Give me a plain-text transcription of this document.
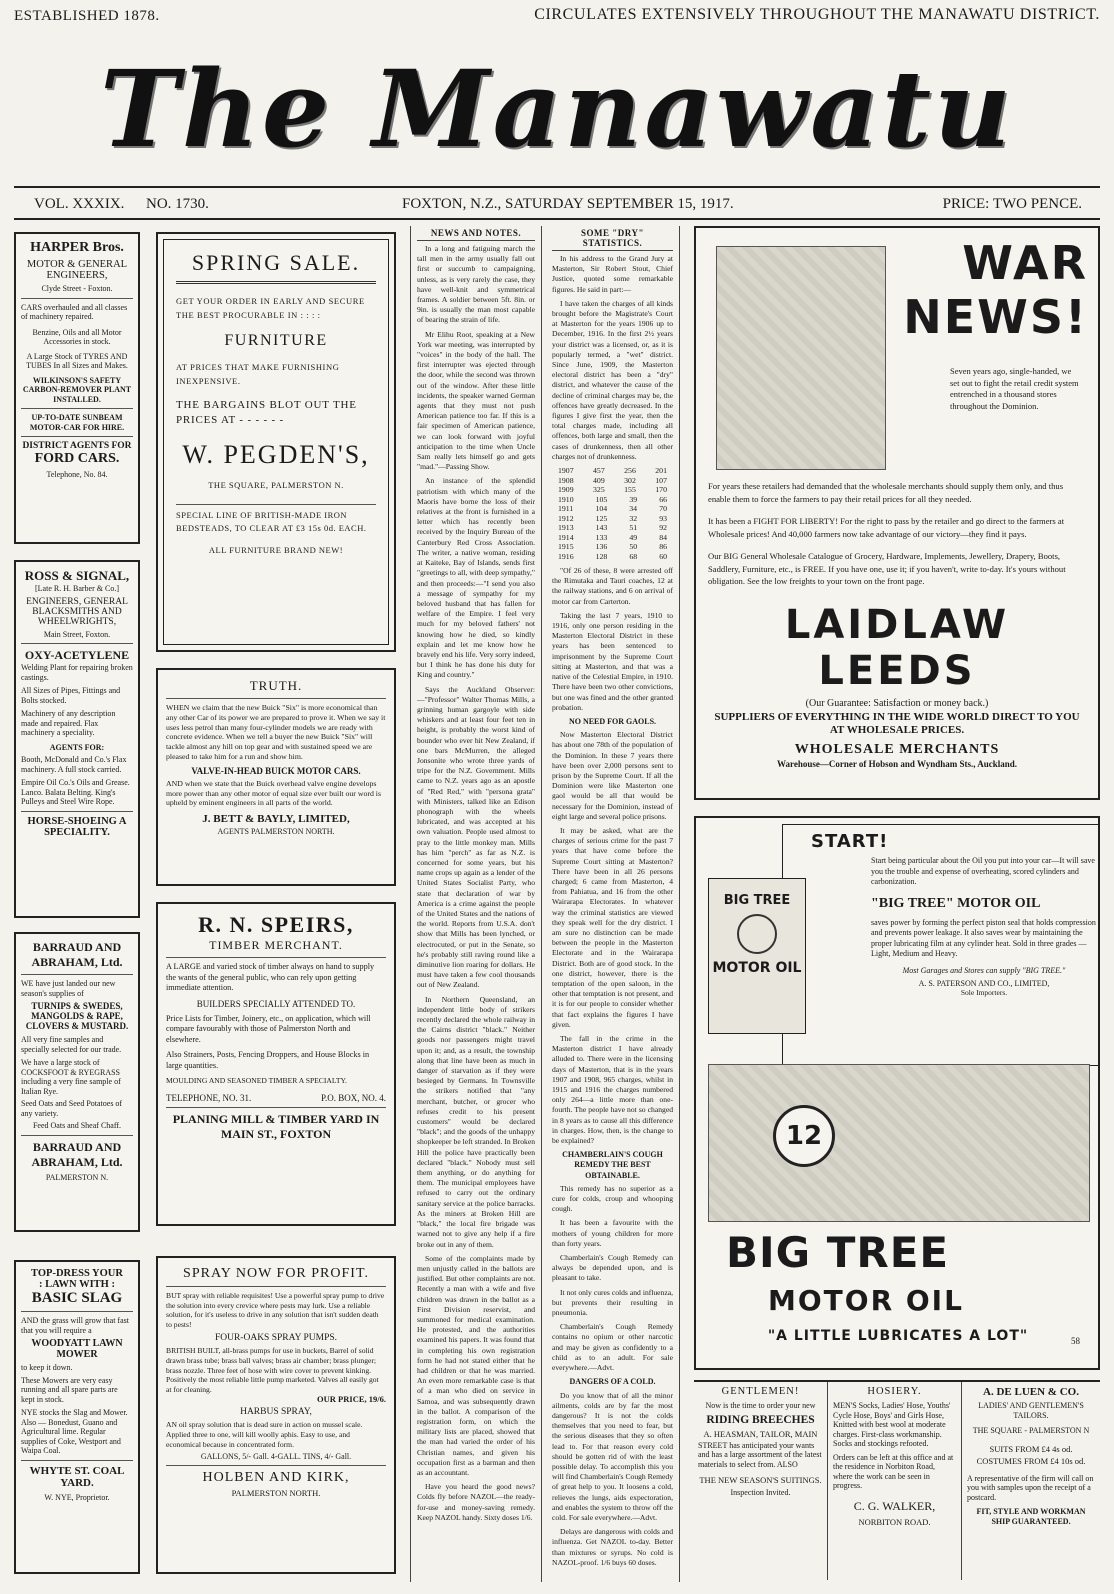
ESTABLISHED 1878.	CIRCULATES EXTENSIVELY THROUGHOUT THE MANAWATU DISTRICT.
The Manawatu
VOL. XXXIX. NO. 1730.	FOXTON, N.Z., SATURDAY SEPTEMBER 15, 1917.	PRICE: TWO PENCE.
HARPER Bros.
MOTOR & GENERAL ENGINEERS,
Clyde Street - Foxton.
CARS overhauled and all classes of machinery repaired.
Benzine, Oils and all Motor Accessories in stock.
A Large Stock of TYRES AND TUBES In all Sizes and Makes.
WILKINSON'S SAFETY CARBON-REMOVER PLANT INSTALLED.
UP-TO-DATE SUNBEAM MOTOR-CAR FOR HIRE.
DISTRICT AGENTS FOR
FORD CARS.
Telephone, No. 84.
ROSS & SIGNAL,
[Late R. H. Barber & Co.]
ENGINEERS, GENERAL BLACKSMITHS AND WHEELWRIGHTS,
Main Street, Foxton.
OXY-ACETYLENE
Welding Plant for repairing broken castings.
All Sizes of Pipes, Fittings and Bolts stocked.
Machinery of any description made and repaired. Flax machinery a speciality.
AGENTS FOR:
Booth, McDonald and Co.'s Flax machinery. A full stock carried.
Empire Oil Co.'s Oils and Grease. Lanco. Balata Belting. King's Pulleys and Steel Wire Rope.
HORSE-SHOEING A SPECIALITY.
BARRAUD AND ABRAHAM, Ltd.
WE have just landed our new season's supplies of
TURNIPS & SWEDES, MANGOLDS & RAPE, CLOVERS & MUSTARD.
All very fine samples and specially selected for our trade.
We have a large stock of COCKSFOOT & RYEGRASS including a very fine sample of Italian Rye.
Seed Oats and Seed Potatoes of any variety.
Feed Oats and Sheaf Chaff.
BARRAUD AND ABRAHAM, Ltd.
PALMERSTON N.
TOP-DRESS YOUR
: LAWN WITH :
BASIC SLAG
AND the grass will grow that fast that you will require a
WOODYATT LAWN MOWER
to keep it down.
These Mowers are very easy running and all spare parts are kept in stock.
NYE stocks the Slag and Mower. Also — Bonedust, Guano and Agricultural lime. Regular supplies of Coke, Westport and Waipa Coal.
WHYTE ST. COAL YARD.
W. NYE, Proprietor.
SPRING SALE.
GET YOUR ORDER IN EARLY AND SECURE THE BEST PROCURABLE IN : : : :
FURNITURE
AT PRICES THAT MAKE FURNISHING INEXPENSIVE.
THE BARGAINS BLOT OUT THE PRICES AT - - - - - -
W. PEGDEN'S,
THE SQUARE, PALMERSTON N.
SPECIAL LINE OF BRITISH-MADE IRON BEDSTEADS, TO CLEAR AT £3 15s 0d. EACH.
ALL FURNITURE BRAND NEW!
TRUTH.
WHEN we claim that the new Buick "Six" is more economical than any other Car of its power we are prepared to prove it. When we say it uses less petrol than many four-cylinder models we are ready with concrete evidence. When we tell a buyer the new Buick "Six" will tackle almost any hill on top gear and with sustained speed we are pleased to take him for a run and show him.
VALVE-IN-HEAD BUICK MOTOR CARS.
AND when we state that the Buick overhead valve engine develops more power than any other motor of equal size ever built our word is upheld by eminent engineers in all parts of the world.
J. BETT & BAYLY, LIMITED,
AGENTS PALMERSTON NORTH.
R. N. SPEIRS,
TIMBER MERCHANT.
A LARGE and varied stock of timber always on hand to supply the wants of the general public, who can rely upon getting immediate attention.
BUILDERS SPECIALLY ATTENDED TO.
Price Lists for Timber, Joinery, etc., on application, which will compare favourably with those of Palmerston North and elsewhere.
Also Strainers, Posts, Fencing Droppers, and House Blocks in large quantities.
MOULDING AND SEASONED TIMBER A SPECIALTY.
TELEPHONE, NO. 31.	P.O. BOX, NO. 4.
PLANING MILL & TIMBER YARD IN MAIN ST., FOXTON
SPRAY NOW FOR PROFIT.
BUT spray with reliable requisites! Use a powerful spray pump to drive the solution into every crevice where pests may lurk. Use a reliable solution, for it's useless to drive in any solution that isn't sudden death to pests!
FOUR-OAKS SPRAY PUMPS.
BRITISH BUILT, all-brass pumps for use in buckets, Barrel of solid drawn brass tube; brass ball valves; brass air chamber; brass plunger; brass nozzle. Three feet of hose with wire cover to prevent kinking. Positively the most reliable little pump marketed. Valves all easily got at for cleaning.
OUR PRICE, 19/6.
HARBUS SPRAY,
AN oil spray solution that is dead sure in action on mussel scale. Applied three to one, will kill woolly aphis. Easy to use, and economical because in concentrated form.
GALLONS, 5/- Gall. 4-GALL. TINS, 4/- Gall.
HOLBEN AND KIRK,
PALMERSTON NORTH.
NEWS AND NOTES.

In a long and fatiguing march the tall men in the army usually fall out first or succumb to campaigning, unless, as is very rarely the case, they have well-knit and symmetrical frames. A soldier between 5ft. 8in. or 9in. is usually the man most capable of bearing the strain of life.

Mr Elihu Root, speaking at a New York war meeting, was interrupted by "voices" in the body of the hall. The first interrupter was ejected through the door, while the second was thrown out of the window. After these little incidents, the speaker warned German agents that they must not push American patience too far. If this is a fair specimen of American patience, we can look forward with joyful anticipation to the time when Uncle Sam really lets himself go and gets "mad."—Passing Show.

An instance of the splendid patriotism with which many of the Maoris have borne the loss of their relatives at the front is furnished in a letter which has recently been received by the Inquiry Bureau of the Canterbury Red Cross Association. The writer, a native woman, residing at Kaiteke, Bay of Islands, sends first "greetings to all, with deep sympathy," and then proceeds:—"I send you also a message of sympathy for my beloved husband that has fallen for welfare of the Empire. I feel very much for my beloved fathers' not knowing how he died, so kindly explain and let me know how he bravely end his life. Very sorry indeed, but I think he has done his duty for King and country."

Says the Auckland Observer:—"Professor" Walter Thomas Mills, a grinning human gargoyle with side whiskers and at least four feet ten in height, is probably the worst kind of bounder who ever hit New Zealand, if one bars McMurren, the alleged Jonsonite who wrote three yards of tripe for the N.Z. Government. Mills came to N.Z. years ago as an apostle of "Red Red," with "persona grata" with Ministers, talked like an Edison phonograph with the wheels lubricated, and was accepted at his own valuation. People used almost to pray to the little monkey man. Mills has him "perch" as far as N.Z. is concerned for some years, but his name crops up again as a lender of the United States Socialist Party, who state that declaration of war by America is a crime against the people of the United States and the nations of the world. Reports from U.S.A. don't show that Mills has been lynched, or electrocuted, or put in the Senate, so he's probably still raving round like a diminutive lion roaring for dollars. He must have taken a few cool thousands out of New Zealand.

In Northern Queensland, an independent little body of strikers recently declared the whole railway in the Cairns district "black." Neither goods nor passengers might travel upon it; and, as a result, the township along that line have been as much in danger of starvation as if they were besieged by Germans. In Townsville the strikers notified that "any merchant, butcher, or grocer who refuses credit to his present customers" would be declared "black"; and the goods of the unhappy shopkeeper be left stranded. In Broken Hill the police have practically been declared "black." Nobody must sell them anything, or do anything for them. The municipal employees have refused to carry out the ordinary sanitary service at the police barracks. As the miners at Broken Hill are "black," the local fire brigade was warned not to give any help if a fire broke out in any of them.

Some of the complaints made by men unjustly called in the ballots are justified. But other complaints are not. Recently a man with a wife and five children was drawn in the ballot as a First Division reservist, and summoned for medical examination. He protested, and the authorities examined his papers. It was found that in completing his own registration form he had not stated either that he had children or that he was married. An even more remarkable case is that of a man who died on service in Samoa, and was subsequently drawn in the ballot. A comparison of the registration form, on which the military lists are placed, showed that the man had varied the order of his Christian names, and given his occupation first as a barman and then as an accountant.

Have you heard the good news? Colds fly before NAZOL—the ready-for-use and money-saving remedy. Keep NAZOL handy. Sixty doses 1/6.

SOME "DRY" STATISTICS.

In his address to the Grand Jury at Masterton, Sir Robert Stout, Chief Justice, quoted some remarkable figures. He said in part:—

I have taken the charges of all kinds brought before the Magistrate's Court at Masterton for the years 1906 up to December, 1916. In the first 2½ years your district was a licensed, or, as it is popularly termed, a "wet" district. Since June, 1909, the Masterton electoral district has been a "dry" district, and whatever the cause of the decline of criminal charges may be, the offences have greatly decreased. In the figures I give first the year, then the total charges made, including all offences, both large and small, then the cases of drunkenness, then all other charges not of drunkenness.

1907 457 256 201
1908 409 302 107
1909 325 155 170
1910	105	39	66
1911	104	34	70
1912	125	32	93
1913	143	51	92
1914	133	49	84
1915	136	50	86
1916	128	68	60

"Of 26 of these, 8 were arrested off the Rimutaka and Tauri coaches, 12 at the railway stations, and 6 on arrival of motor car from Carterton.

Taking the last 7 years, 1910 to 1916, only one person residing in the Masterton Electoral District in these years has been sentenced to imprisonment by the Supreme Court sitting at Masterton, and that was a native of the Celestial Empire, in 1910. There have been two other convictions, but one was fined and the other granted probation.

NO NEED FOR GAOLS.

Now Masterton Electoral District has about one 78th of the population of the Dominion. In these 7 years there have been over 2,000 persons sent to prison by the Supreme Court. If all the Dominion were like Masterton one gaol would be all that would be necessary for the Dominion, instead of eight large and several police prisons.

It may be asked, what are the charges of serious crime for the past 7 years that have come before the Supreme Court sitting at Masterton? There have been in all 26 persons charged; 6 came from Masterton, 4 from Pahiatua, and 16 from the other Wairarapa Electorates. In whatever way the criminal statistics are viewed they speak well for the dry district. I am sure no distinction can be made between the people in the Masterton Electorate and in the Wairarapa District. Both are of good stock. In the one district, however, there is the temptation of the open saloon, in the other that temptation is not present, and it is for our people to consider whether that fact explains the figures I have given.

The fall in the crime in the Masterton district I have already alluded to. There were in the licensing days of Masterton, that is in the years 1907 and 1908, 965 charges, whilst in 1915 and 1916 the charges numbered only 264—a little more than one-fourth. The people have not so changed in 8 years as to cause all this difference in charges. How, then, is the change to be explained?

CHAMBERLAIN'S COUGH REMEDY THE BEST OBTAINABLE.

This remedy has no superior as a cure for colds, croup and whooping cough.

It has been a favourite with the mothers of young children for more than forty years.

Chamberlain's Cough Remedy can always be depended upon, and is pleasant to take.

It not only cures colds and influenza, but prevents their resulting in pneumonia.

Chamberlain's Cough Remedy contains no opium or other narcotic and may be given as confidently to a child as to an adult. For sale everywhere.—Advt.

DANGERS OF A COLD.

Do you know that of all the minor ailments, colds are by far the most dangerous? It is not the colds themselves that you need to fear, but the serious diseases that they so often lead to. For that reason every cold should be gotten rid of with the least possible delay. To accomplish this you will find Chamberlain's Cough Remedy of great help to you. It loosens a cold, relieves the lungs, aids expectoration, and enables the system to throw off the cold. For sale everywhere.—Advt.

Delays are dangerous with colds and influenza. Get NAZOL to-day. Better than mixtures or syrups. No cold is NAZOL-proof. 1/6 buys 60 doses.

WAR NEWS!
Seven years ago, single-handed, we set out to fight the retail credit system entrenched in a thousand stores throughout the Dominion.
For years these retailers had demanded that the wholesale merchants should supply them only, and thus enable them to force the farmers to pay their retail prices for all they needed.
It has been a FIGHT FOR LIBERTY! For the right to pass by the retailer and go direct to the farmers at Wholesale prices! And 40,000 farmers now take advantage of our victory—they find it pays.
Our BIG General Wholesale Catalogue of Grocery, Hardware, Implements, Jewellery, Drapery, Boots, Saddlery, Furniture, etc., is FREE. If you have one, use it; if you haven't, write to-day. It's yours without obligation. See the low freights to your town on the front page.
LAIDLAW LEEDS
(Our Guarantee: Satisfaction or money back.)
SUPPLIERS OF EVERYTHING IN THE WIDE WORLD DIRECT TO YOU AT WHOLESALE PRICES.
WHOLESALE MERCHANTS
Warehouse—Corner of Hobson and Wyndham Sts., Auckland.
START!
Start being particular about the Oil you put into your car—It will save you the trouble and expense of overheating, scored cylinders and carbonization.
"BIG TREE" MOTOR OIL
saves power by forming the perfect piston seal that holds compression and prevents power leakage. It also saves wear by maintaining the proper lubricating film at any cylinder heat. Sold in three grades —Light, Medium and Heavy.
Most Garages and Stores can supply "BIG TREE."
A. S. PATERSON AND CO., LIMITED,
Sole Importers.
BIG TREE
MOTOR OIL
12
BIG TREE
MOTOR OIL
"A LITTLE LUBRICATES A LOT"	58
GENTLEMEN!
Now is the time to order your new
RIDING BREECHES
A. HEASMAN, TAILOR, MAIN
STREET has anticipated your wants and has a large assortment of the latest materials to select from. ALSO
THE NEW SEASON'S SUITINGS.
Inspection Invited.
HOSIERY.
MEN'S Socks, Ladies' Hose, Youths' Cycle Hose, Boys' and Girls Hose, Knitted with best wool at moderate charges. First-class workmanship. Socks and stockings refooted.
Orders can be left at this office and at the residence in Norbiton Road, where the work can be seen in progress.
C. G. WALKER,
NORBITON ROAD.
A. DE LUEN & CO.
LADIES' AND GENTLEMEN'S TAILORS.
THE SQUARE - PALMERSTON N
SUITS FROM £4 4s od.
COSTUMES FROM £4 10s od.
A representative of the firm will call on you with samples upon the receipt of a postcard.
FIT, STYLE AND WORKMAN SHIP GUARANTEED.
